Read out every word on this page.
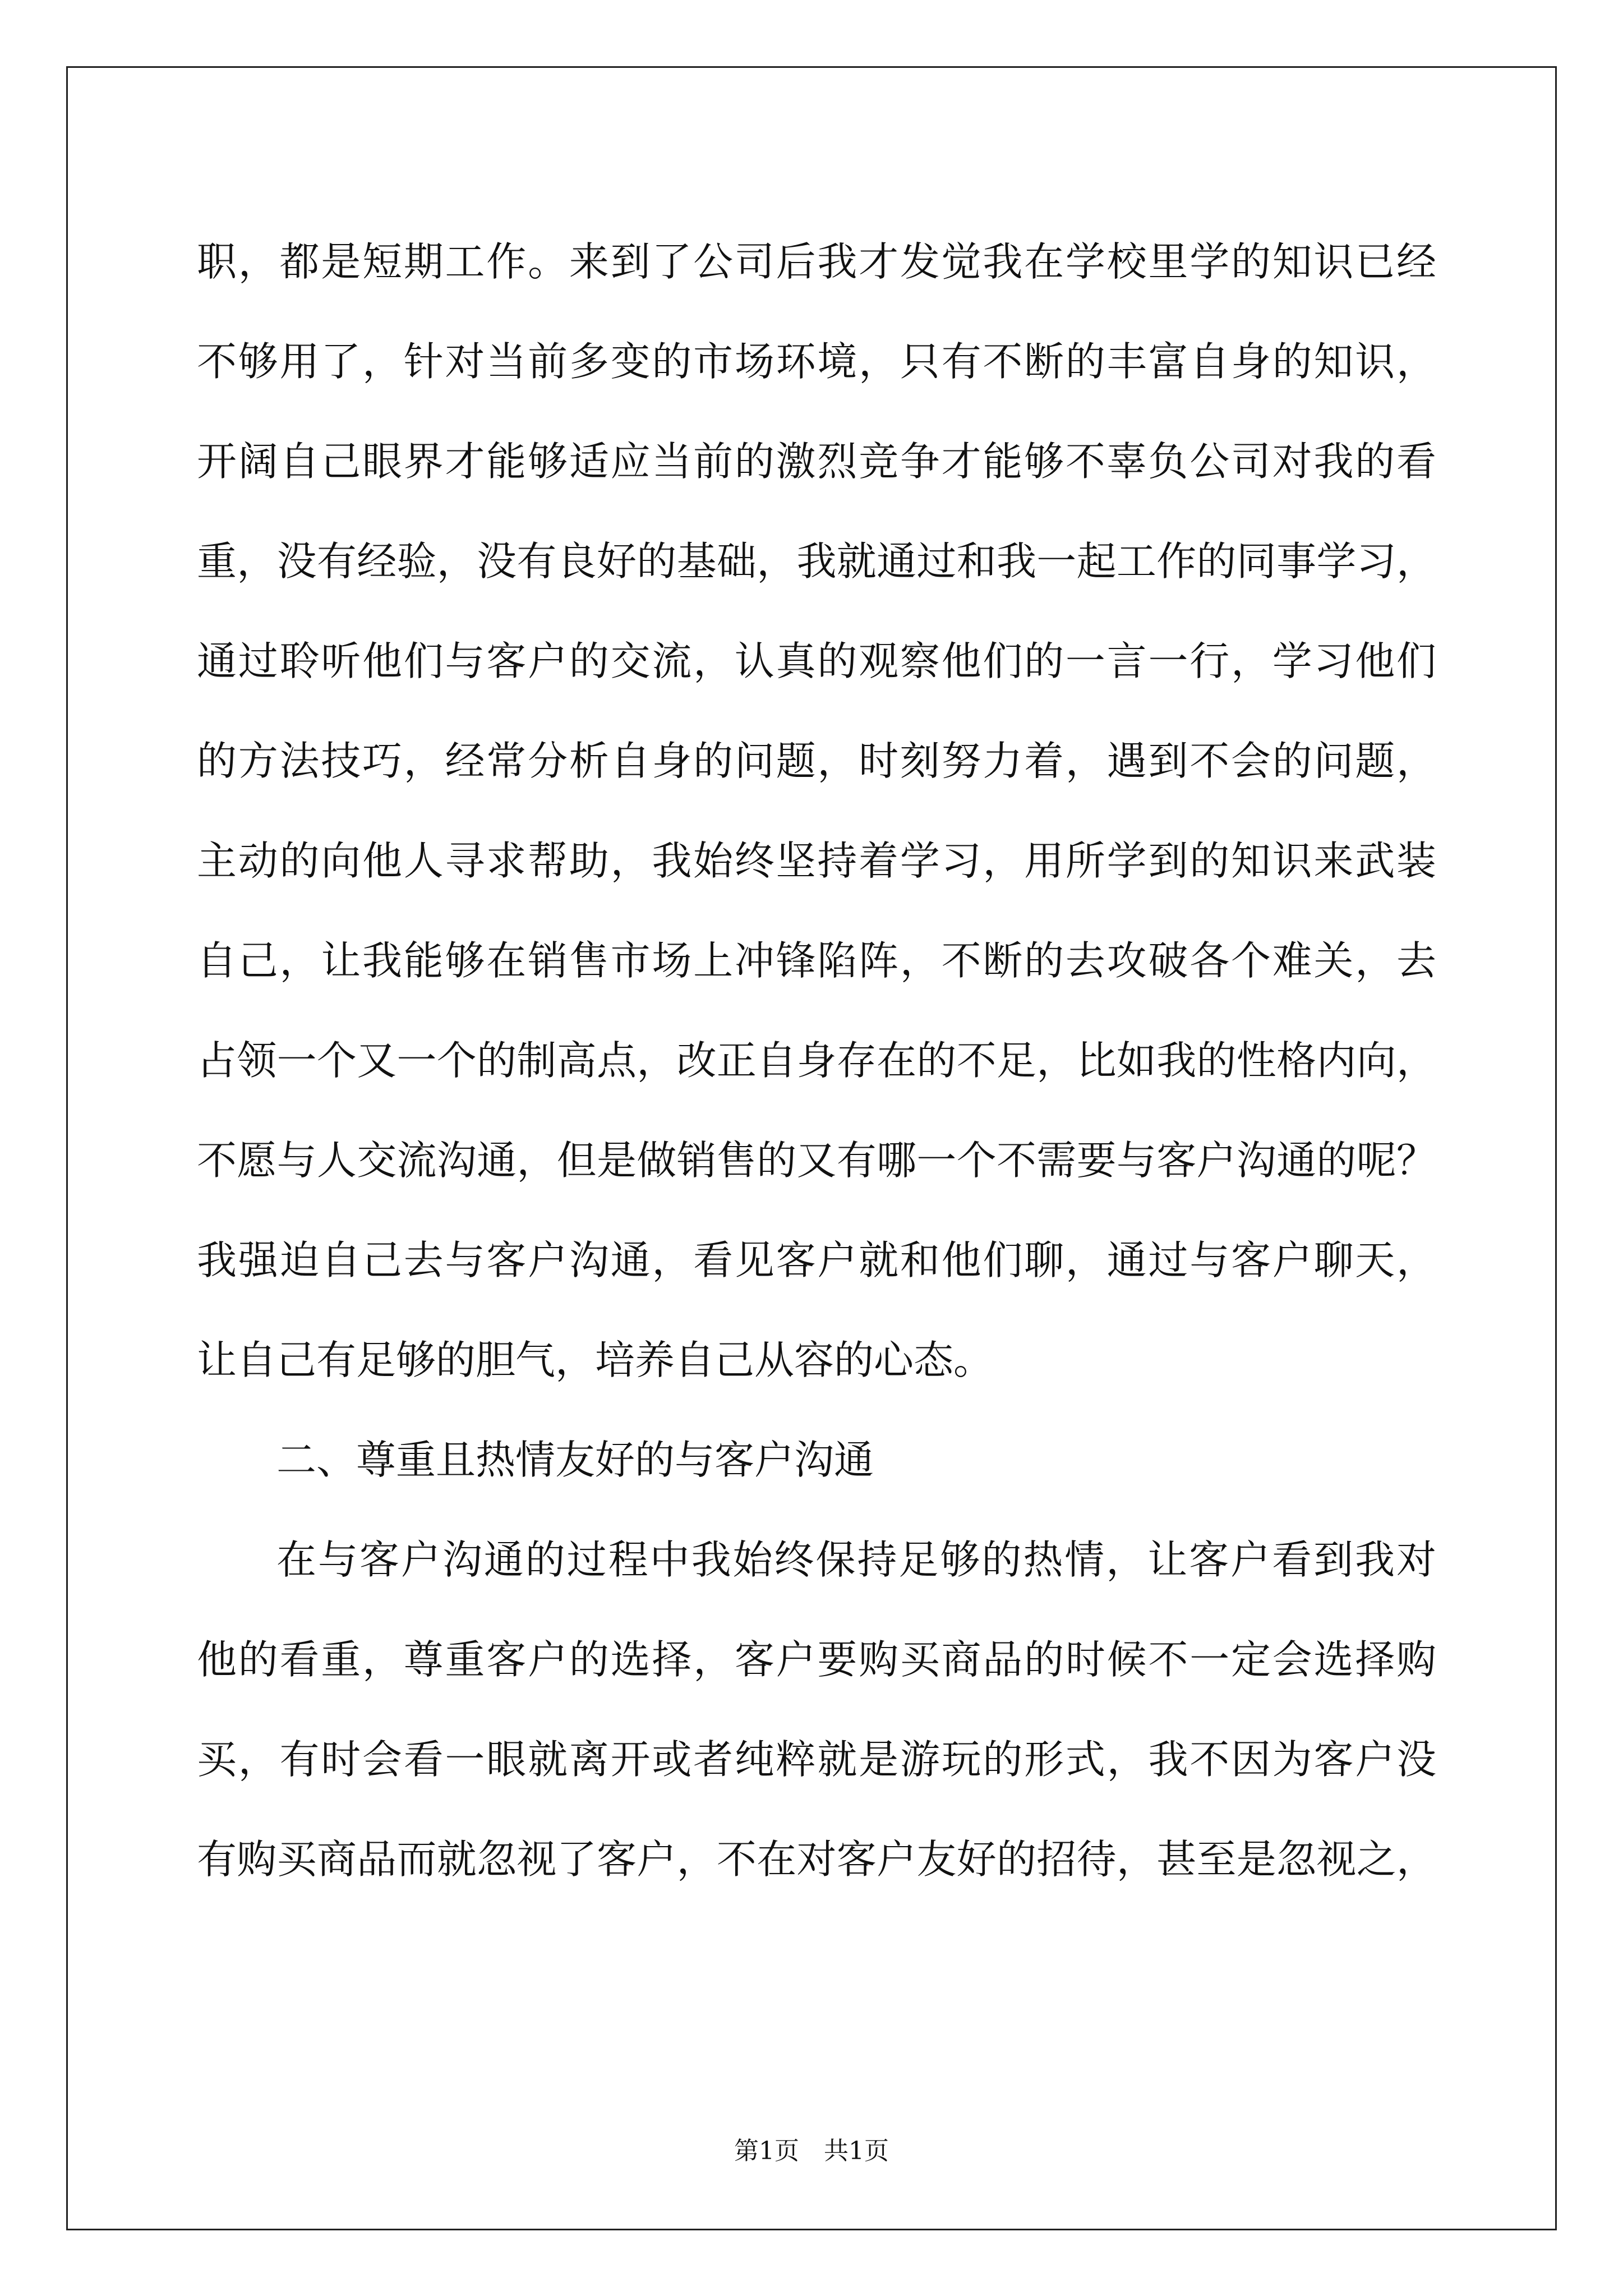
职，都是短期工作。来到了公司后我才发觉我在学校里学的知识已经
不够用了，针对当前多变的市场环境，只有不断的丰富自身的知识，
开阔自己眼界才能够适应当前的激烈竞争才能够不辜负公司对我的看
重，没有经验，没有良好的基础，我就通过和我一起工作的同事学习，
通过聆听他们与客户的交流，认真的观察他们的一言一行，学习他们
的方法技巧，经常分析自身的问题，时刻努力着，遇到不会的问题，
主动的向他人寻求帮助，我始终坚持着学习，用所学到的知识来武装
自己，让我能够在销售市场上冲锋陷阵，不断的去攻破各个难关，去
占领一个又一个的制高点，改正自身存在的不足，比如我的性格内向，
不愿与人交流沟通，但是做销售的又有哪一个不需要与客户沟通的呢？
我强迫自己去与客户沟通，看见客户就和他们聊，通过与客户聊天，
让自己有足够的胆气，培养自己从容的心态。
二、尊重且热情友好的与客户沟通
在与客户沟通的过程中我始终保持足够的热情，让客户看到我对
他的看重，尊重客户的选择，客户要购买商品的时候不一定会选择购
买，有时会看一眼就离开或者纯粹就是游玩的形式，我不因为客户没
有购买商品而就忽视了客户，不在对客户友好的招待，甚至是忽视之，
第1页 共1页
